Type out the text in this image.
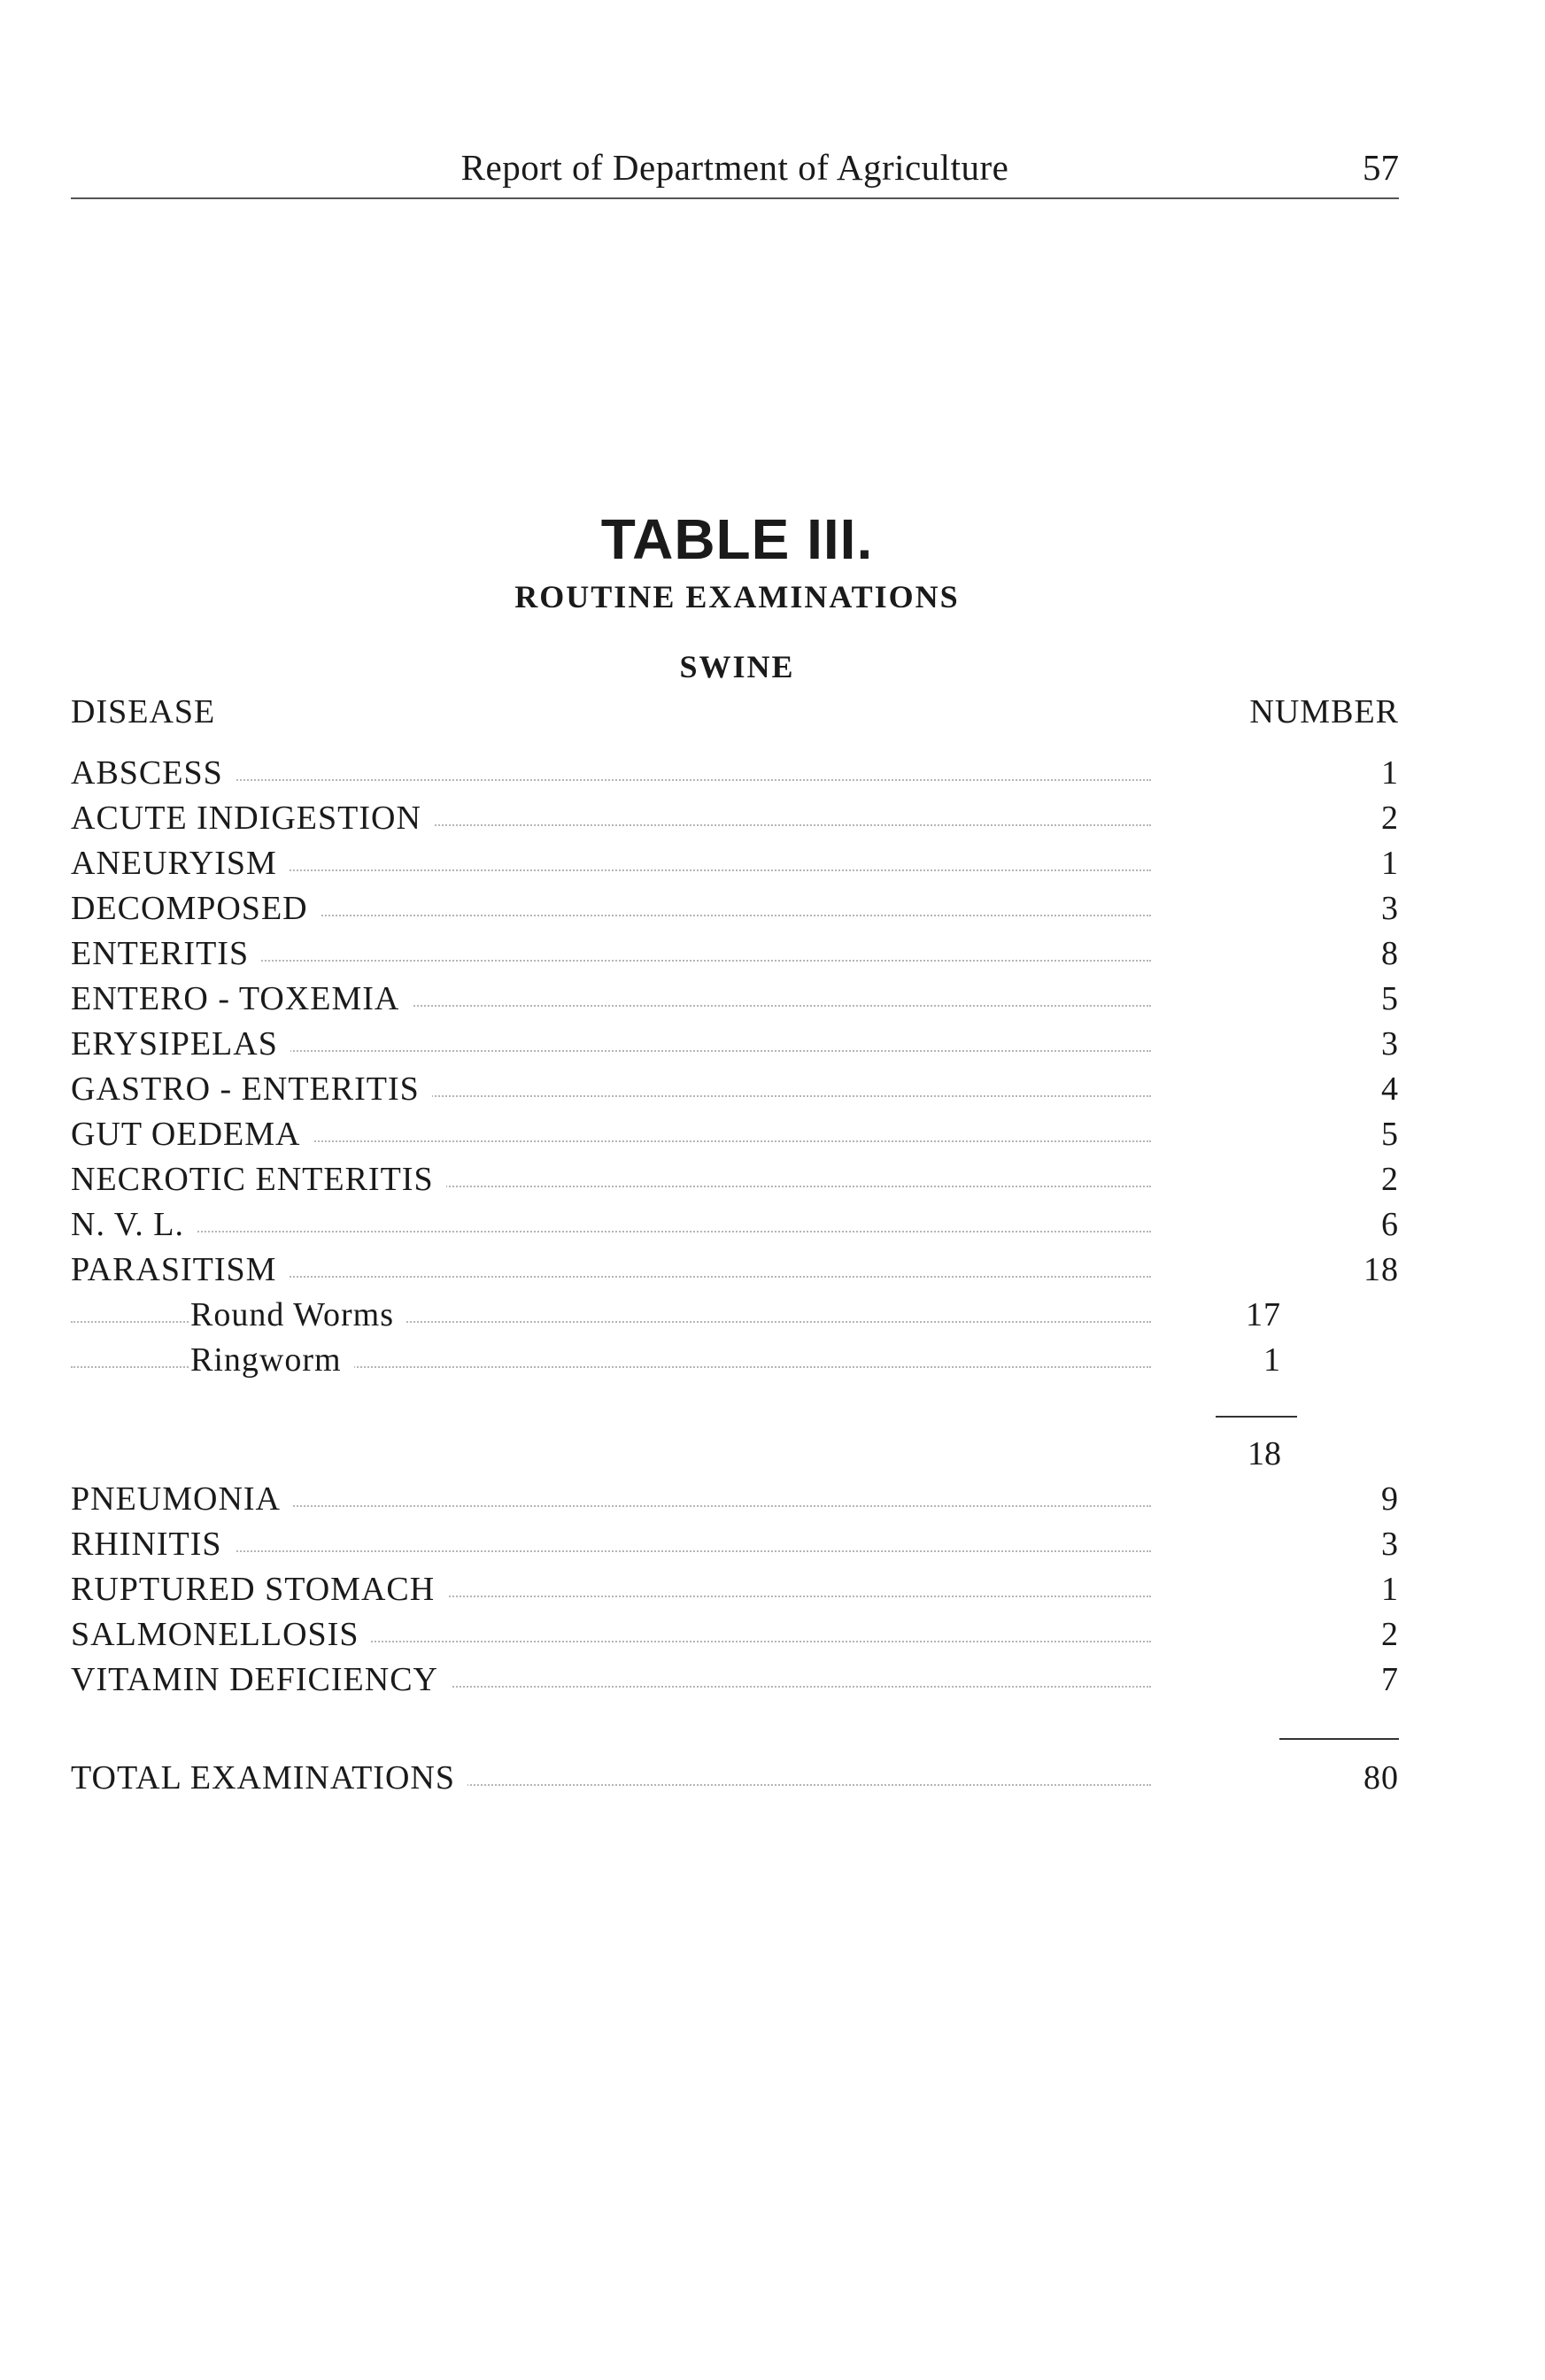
Report of Department of Agriculture	57
TABLE III.
ROUTINE EXAMINATIONS
SWINE
DISEASE	NUMBER
ABSCESS	1
ACUTE INDIGESTION	2
ANEURYISM	1
DECOMPOSED	3
ENTERITIS	8
ENTERO - TOXEMIA	5
ERYSIPELAS	3
GASTRO - ENTERITIS	4
GUT OEDEMA	5
NECROTIC ENTERITIS	2
N. V. L.	6
PARASITISM	18
Round Worms	17
Ringworm	1
18
PNEUMONIA	9
RHINITIS	3
RUPTURED STOMACH	1
SALMONELLOSIS	2
VITAMIN DEFICIENCY	7
TOTAL EXAMINATIONS	80
